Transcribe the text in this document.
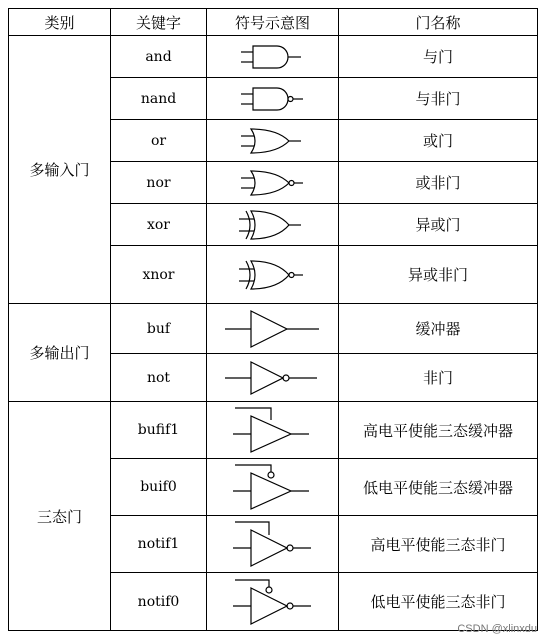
类别	关键字	符号示意图	门名称
多输入门	and		与门
	nand		与非门
	or		或门
	nor		或非门
	xor		异或门
	xnor		异或非门
多输出门	buf		缓冲器
	not		非门
三态门	bufif1		高电平使能三态缓冲器
	buif0		低电平使能三态缓冲器
	notif1		高电平使能三态非门
	notif0		低电平使能三态非门
CSDN @xlinxdu
